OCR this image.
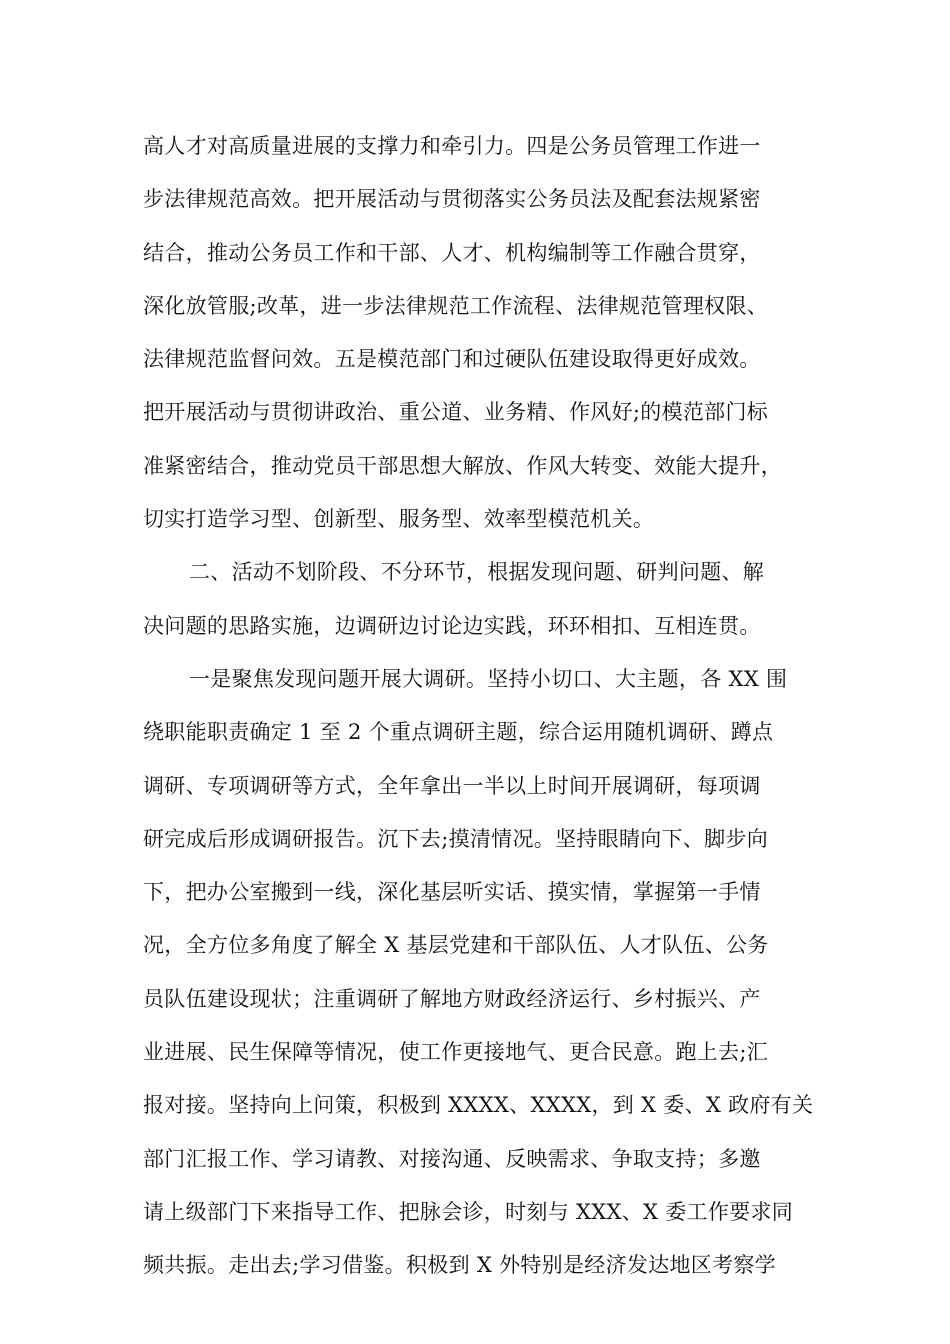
高人才对高质量进展的支撑力和牵引力。四是公务员管理工作进一
步法律规范高效。把开展活动与贯彻落实公务员法及配套法规紧密
结合，推动公务员工作和干部、人才、机构编制等工作融合贯穿，
深化放管服;改革，进一步法律规范工作流程、法律规范管理权限、
法律规范监督问效。五是模范部门和过硬队伍建设取得更好成效。
把开展活动与贯彻讲政治、重公道、业务精、作风好;的模范部门标
准紧密结合，推动党员干部思想大解放、作风大转变、效能大提升，
切实打造学习型、创新型、服务型、效率型模范机关。
二、活动不划阶段、不分环节，根据发现问题、研判问题、解
决问题的思路实施，边调研边讨论边实践，环环相扣、互相连贯。
一是聚焦发现问题开展大调研。坚持小切口、大主题，各 XX 围
绕职能职责确定 1 至 2 个重点调研主题，综合运用随机调研、蹲点
调研、专项调研等方式，全年拿出一半以上时间开展调研，每项调
研完成后形成调研报告。沉下去;摸清情况。坚持眼睛向下、脚步向
下，把办公室搬到一线，深化基层听实话、摸实情，掌握第一手情
况，全方位多角度了解全 X 基层党建和干部队伍、人才队伍、公务
员队伍建设现状；注重调研了解地方财政经济运行、乡村振兴、产
业进展、民生保障等情况，使工作更接地气、更合民意。跑上去;汇
报对接。坚持向上问策，积极到 XXXX、XXXX，到 X 委、X 政府有关
部门汇报工作、学习请教、对接沟通、反映需求、争取支持；多邀
请上级部门下来指导工作、把脉会诊，时刻与 XXX、X 委工作要求同
频共振。走出去;学习借鉴。积极到 X 外特别是经济发达地区考察学
